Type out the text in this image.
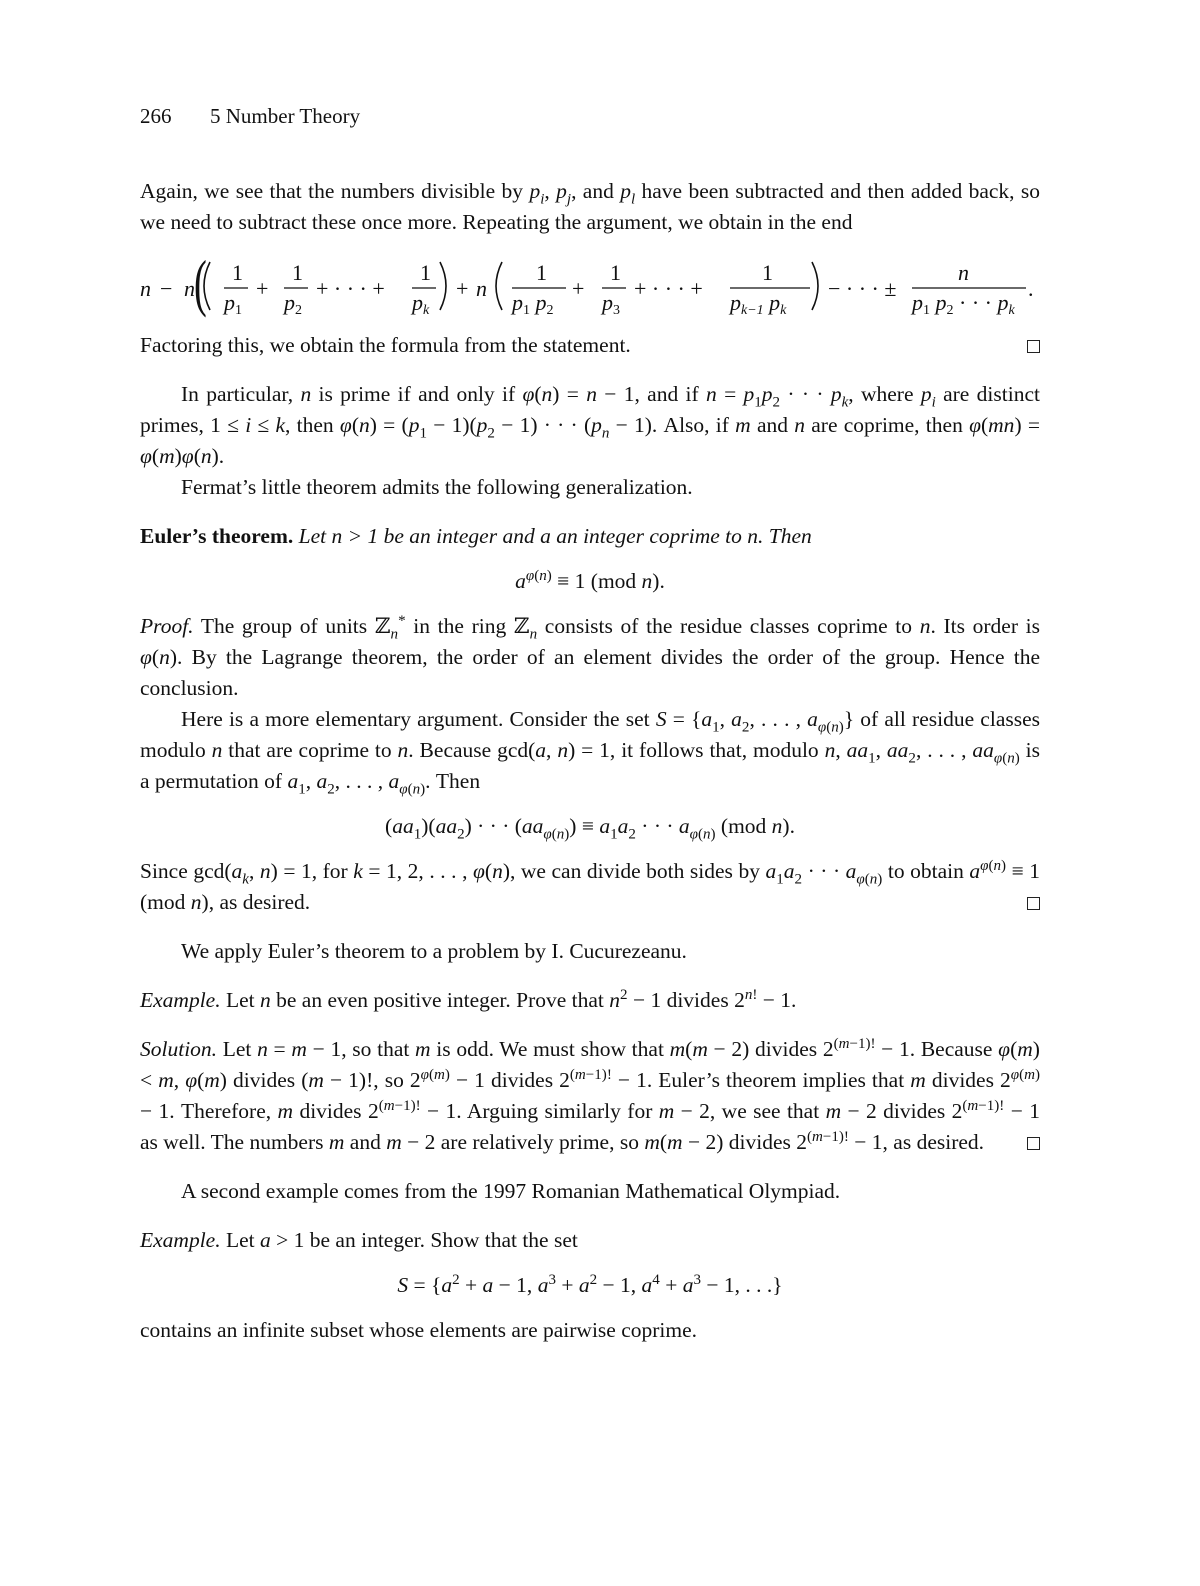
266 5 Number Theory

Again, we see that the numbers divisible by $p_i$, $p_j$, and $p_l$ have been subtracted and then added back, so we need to subtract these once more. Repeating the argument, we obtain in the end

n − n ( 1
p1
+
1
p2
+ · · · +
1
pk
+ n
1
p1 p2
+
1
p3
+ · · · +
1
pk−1 pk
− · · · ±
n
p1 p2 · · · pk
.

Factoring this, we obtain the formula from the statement.

In particular, n is prime if and only if φ(n) = n − 1, and if $n = p_1p_2$ · · · $p_k$, where $p_i$ are distinct primes, 1 ≤ i ≤ k, then $\varphi(n) = (p_1 - 1)(p_2 - 1)$ · · · $(p_n - 1)$. Also, if m and n are coprime, then φ(mn) = φ(m)φ(n).

Fermat’s little theorem admits the following generalization.

Euler’s theorem. Let n > 1 be an integer and a an integer coprime to n. Then

$a^{\varphi(n)} \equiv 1$ (mod n).

Proof. The group of units ℤ$_n$* in the ring ℤ$_n$ consists of the residue classes coprime to n. Its order is φ(n). By the Lagrange theorem, the order of an element divides the order of the group. Hence the conclusion.

Here is a more elementary argument. Consider the set $S = \{a_1$, $a_2$, . . . , $a_{\varphi(n)}$} of all residue classes modulo n that are coprime to n. Because gcd(a, n) = 1, it follows that, modulo n, $aa_1$, $aa_2$, . . . , $aa_{\varphi(n)}$ is a permutation of $a_1$, $a_2$, . . . , $a_{\varphi(n)}$. Then

$(aa_1)(aa_2)$ · · · $(aa_{\varphi(n)}) \equiv a_1a_2$ · · · $a_{\varphi(n)}$ (mod n).

Since $\gcd(a_k$, n) = 1, for k = 1, 2, . . . , φ(n), we can divide both sides by $a_1a_2$ · · · $a_{\varphi(n)}$ to obtain $a^{\varphi(n)} \equiv 1$ (mod n), as desired.

We apply Euler’s theorem to a problem by I. Cucurezeanu.

Example. Let n be an even positive integer. Prove that $n^2 - 1$ divides $2^{n!} - 1$.

Solution. Let n = m − 1, so that m is odd. We must show that m(m − 2) divides $2^{(m-1)!} - 1$. Because φ(m) < m, φ(m) divides (m − 1)!, so $2^{\varphi(m)} - 1$ divides $2^{(m-1)!} - 1$. Euler’s theorem implies that m divides $2^{\varphi(m)} - 1$. Therefore, m divides $2^{(m-1)!} - 1$. Arguing similarly for m − 2, we see that m − 2 divides $2^{(m-1)!} - 1$ as well. The numbers m and m − 2 are relatively prime, so m(m − 2) divides $2^{(m-1)!} - 1$, as desired.

A second example comes from the 1997 Romanian Mathematical Olympiad.

Example. Let a > 1 be an integer. Show that the set

$S = \{a^2 + a - 1$, $a^3 + a^2 - 1$, $a^4 + a^3 - 1$, . . .}

contains an infinite subset whose elements are pairwise coprime.
